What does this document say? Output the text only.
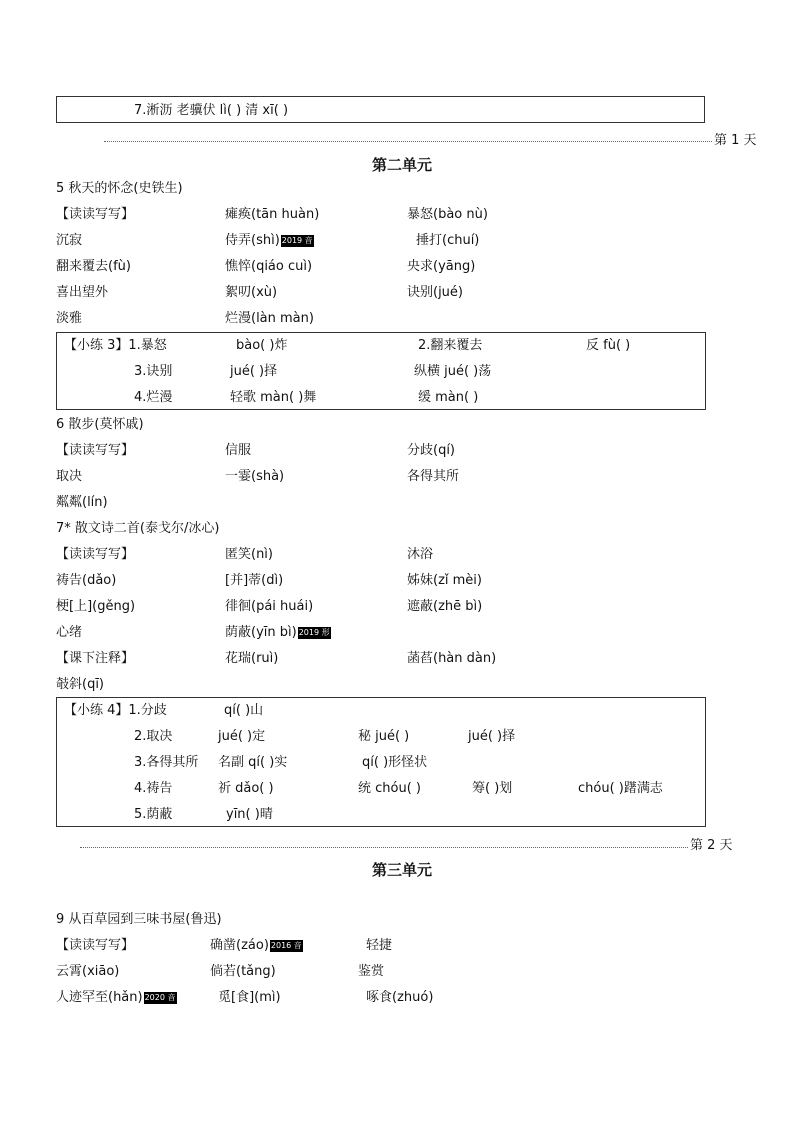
7.淅沥 老骥伏 lì( ) 清 xī( )
第 1 天
第二单元
5 秋天的怀念(史铁生)
【读读写写】	瘫痪(tān huàn)	暴怒(bào nù)
沉寂	侍弄(shì) 2019 音	捶打(chuí)
翻来覆去(fù)	憔悴(qiáo cuì)	央求(yāng)
喜出望外	絮叨(xù)	诀别(jué)
淡雅	烂漫(làn màn)
【小练 3】1.暴怒	bào( )炸	2.翻来覆去	反 fù( )
3.诀别	jué( )择	纵横 jué( )荡
4.烂漫	轻歌 màn( )舞	缓 màn( )
6 散步(莫怀戚)
【读读写写】	信服	分歧(qí)
取决	一霎(shà)	各得其所
粼粼(lín)
7* 散文诗二首(泰戈尔/冰心)
【读读写写】	匿笑(nì)	沐浴
祷告(dǎo)	[并]蒂(dì)	姊妹(zǐ mèi)
梗[上](gěng)	徘徊(pái huái)	遮蔽(zhē bì)
心绪	荫蔽(yīn bì) 2019 形
【课下注释】	花瑞(ruì)	菡萏(hàn dàn)
攲斜(qī)
【小练 4】1.分歧	qí( )山
2.取决	jué( )定	秘 jué( )	jué( )择
3.各得其所 名副 qí( )实	qí( )形怪状
4.祷告	祈 dǎo( )	统 chóu( )	筹( )划	chóu( )躇满志
5.荫蔽	yīn( )晴
第 2 天
第三单元
9 从百草园到三味书屋(鲁迅)
【读读写写】	确凿(záo) 2016 音	轻捷
云霄(xiāo)	倘若(tǎng)	鉴赏
人迹罕至(hǎn) 2020 音	觅[食](mì)	啄食(zhuó)
